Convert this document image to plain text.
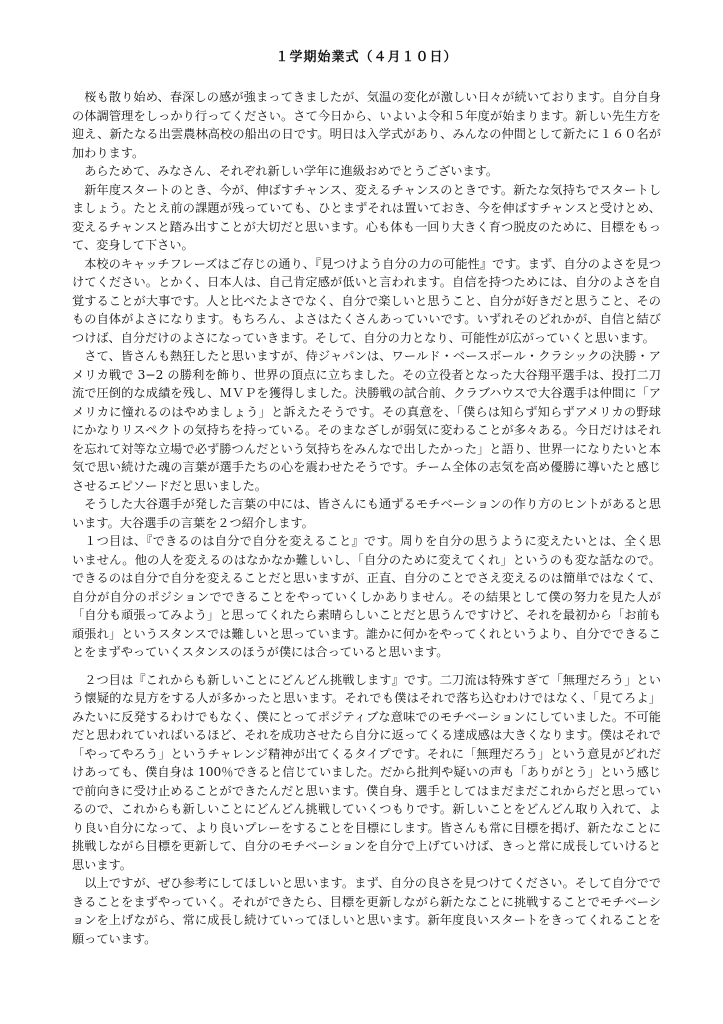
１学期始業式（４月１０日）

桜も散り始め、春深しの感が強まってきましたが、気温の変化が激しい日々が続いております。自分自身の体調管理をしっかり行ってください。さて今日から、いよいよ令和５年度が始まります。新しい先生方を迎え、新たなる出雲農林高校の船出の日です。明日は入学式があり、みんなの仲間として新たに１６０名が加わります。

あらためて、みなさん、それぞれ新しい学年に進級おめでとうございます。

新年度スタートのとき、今が、伸ばすチャンス、変えるチャンスのときです。新たな気持ちでスタートしましょう。たとえ前の課題が残っていても、ひとまずそれは置いておき、今を伸ばすチャンスと受けとめ、変えるチャンスと踏み出すことが大切だと思います。心も体も一回り大きく育つ脱皮のために、目標をもって、変身して下さい。

本校のキャッチフレーズはご存じの通り、『見つけよう自分の力の可能性』です。まず、自分のよさを見つけてください。とかく、日本人は、自己肯定感が低いと言われます。自信を持つためには、自分のよさを自覚することが大事です。人と比べたよさでなく、自分で楽しいと思うこと、自分が好きだと思うこと、そのもの自体がよさになります。もちろん、よさはたくさんあっていいです。いずれそのどれかが、自信と結びつけば、自分だけのよさになっていきます。そして、自分の力となり、可能性が広がっていくと思います。

さて、皆さんも熱狂したと思いますが、侍ジャパンは、ワールド・ベースボール・クラシックの決勝・アメリカ戦で 3−2 の勝利を飾り、世界の頂点に立ちました。その立役者となった大谷翔平選手は、投打二刀流で圧倒的な成績を残し、ＭＶＰを獲得しました。決勝戦の試合前、クラブハウスで大谷選手は仲間に「アメリカに憧れるのはやめましょう」と訴えたそうです。その真意を、「僕らは知らず知らずアメリカの野球にかなりリスペクトの気持ちを持っている。そのまなざしが弱気に変わることが多々ある。今日だけはそれを忘れて対等な立場で必ず勝つんだという気持ちをみんなで出したかった」と語り、世界一になりたいと本気で思い続けた魂の言葉が選手たちの心を震わせたそうです。チーム全体の志気を高め優勝に導いたと感じさせるエピソードだと思いました。

そうした大谷選手が発した言葉の中には、皆さんにも通ずるモチベーションの作り方のヒントがあると思います。大谷選手の言葉を２つ紹介します。

１つ目は、『できるのは自分で自分を変えること』です。周りを自分の思うように変えたいとは、全く思いません。他の人を変えるのはなかなか難しいし、「自分のために変えてくれ」というのも変な話なので。できるのは自分で自分を変えることだと思いますが、正直、自分のことでさえ変えるのは簡単ではなくて、自分が自分のポジションでできることをやっていくしかありません。その結果として僕の努力を見た人が「自分も頑張ってみよう」と思ってくれたら素晴らしいことだと思うんですけど、それを最初から「お前も頑張れ」というスタンスでは難しいと思っています。誰かに何かをやってくれというより、自分でできることをまずやっていくスタンスのほうが僕には合っていると思います。

２つ目は『これからも新しいことにどんどん挑戦します』です。二刀流は特殊すぎて「無理だろう」という懐疑的な見方をする人が多かったと思います。それでも僕はそれで落ち込むわけではなく、「見てろよ」みたいに反発するわけでもなく、僕にとってポジティブな意味でのモチベーションにしていました。不可能だと思われていればいるほど、それを成功させたら自分に返ってくる達成感は大きくなります。僕はそれで「やってやろう」というチャレンジ精神が出てくるタイプです。それに「無理だろう」という意見がどれだけあっても、僕自身は 100％できると信じていました。だから批判や疑いの声も「ありがとう」という感じで前向きに受け止めることができたんだと思います。僕自身、選手としてはまだまだこれからだと思っているので、これからも新しいことにどんどん挑戦していくつもりです。新しいことをどんどん取り入れて、より良い自分になって、より良いプレーをすることを目標にします。皆さんも常に目標を掲げ、新たなことに挑戦しながら目標を更新して、自分のモチベーションを自分で上げていけば、きっと常に成長していけると思います。

以上ですが、ぜひ参考にしてほしいと思います。まず、自分の良さを見つけてください。そして自分でできることをまずやっていく。それができたら、目標を更新しながら新たなことに挑戦することでモチベーションを上げながら、常に成長し続けていってほしいと思います。新年度良いスタートをきってくれることを願っています。
